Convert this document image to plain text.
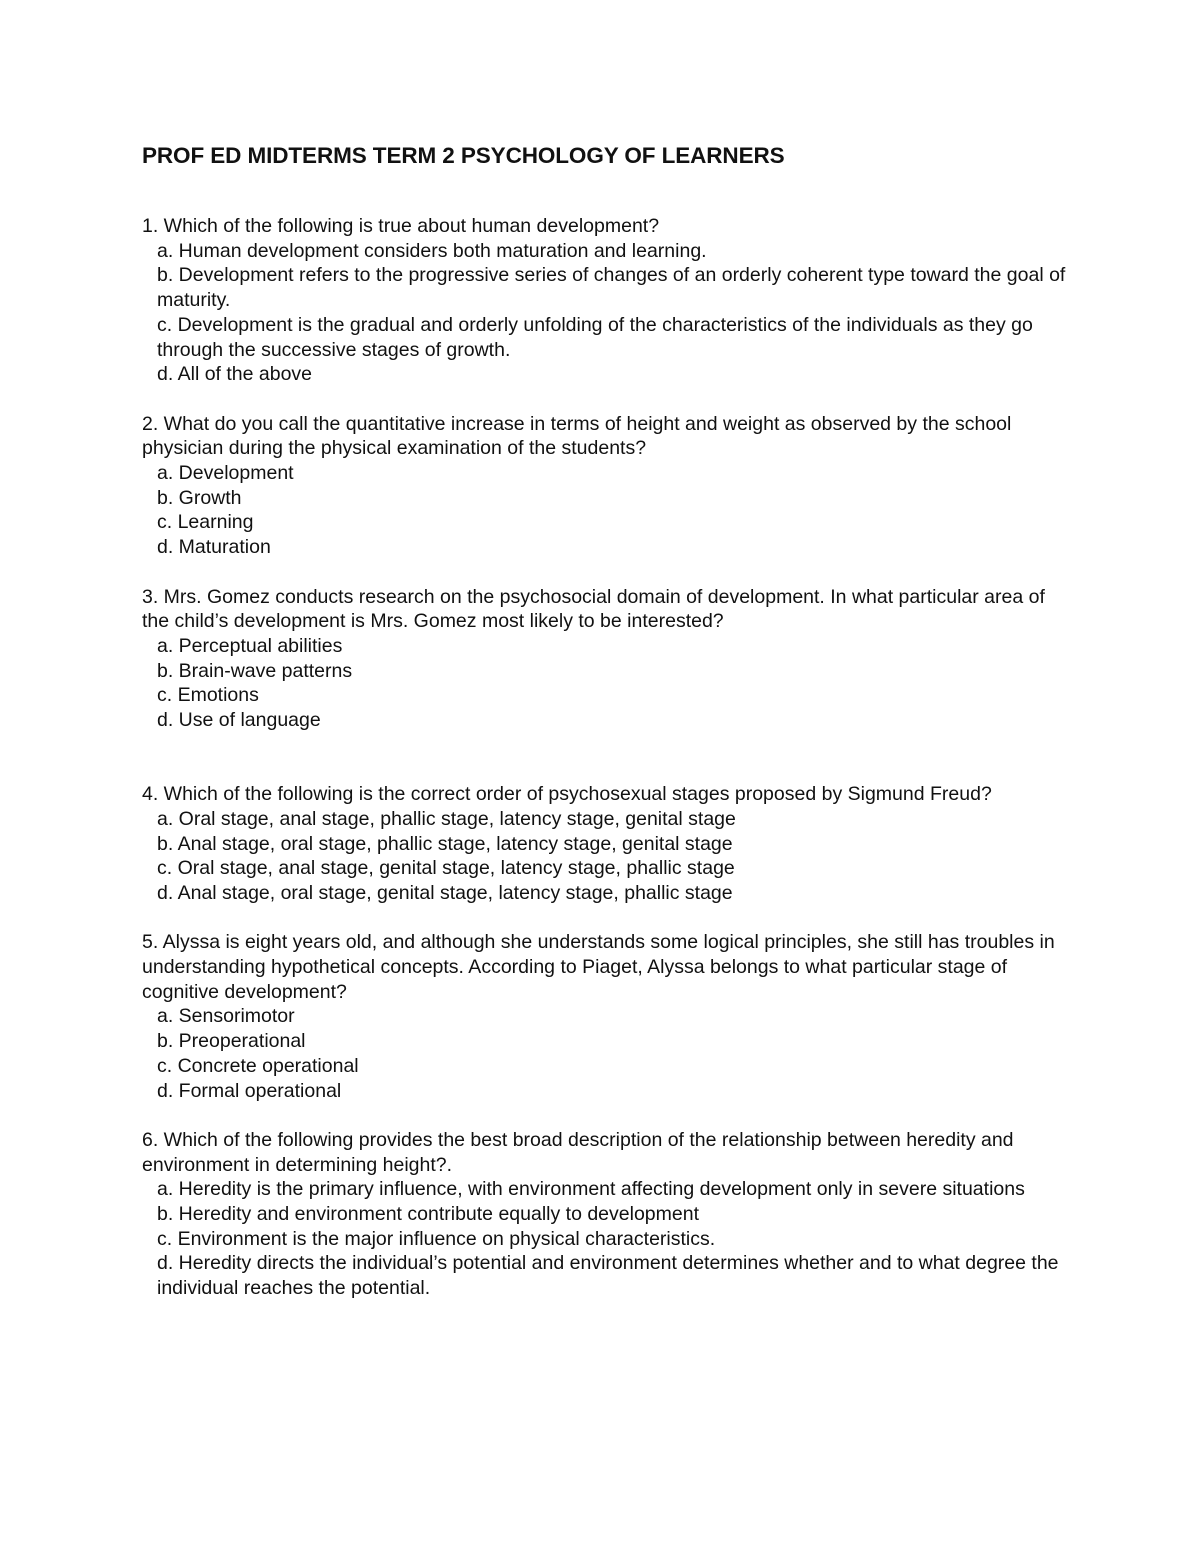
PROF ED MIDTERMS TERM 2 PSYCHOLOGY OF LEARNERS

1. Which of the following is true about human development?

a. Human development considers both maturation and learning.
b. Development refers to the progressive series of changes of an orderly coherent type toward the goal of maturity.
c. Development is the gradual and orderly unfolding of the characteristics of the individuals as they go through the successive stages of growth.
d. All of the above

2. What do you call the quantitative increase in terms of height and weight as observed by the school physician during the physical examination of the students?

a. Development
b. Growth
c. Learning
d. Maturation

3. Mrs. Gomez conducts research on the psychosocial domain of development. In what particular area of the child’s development is Mrs. Gomez most likely to be interested?

a. Perceptual abilities
b. Brain-wave patterns
c. Emotions
d. Use of language

4. Which of the following is the correct order of psychosexual stages proposed by Sigmund Freud?

a. Oral stage, anal stage, phallic stage, latency stage, genital stage
b. Anal stage, oral stage, phallic stage, latency stage, genital stage
c. Oral stage, anal stage, genital stage, latency stage, phallic stage
d. Anal stage, oral stage, genital stage, latency stage, phallic stage

5. Alyssa is eight years old, and although she understands some logical principles, she still has troubles in understanding hypothetical concepts. According to Piaget, Alyssa belongs to what particular stage of cognitive development?

a. Sensorimotor
b. Preoperational
c. Concrete operational
d. Formal operational

6. Which of the following provides the best broad description of the relationship between heredity and environment in determining height?.

a. Heredity is the primary influence, with environment affecting development only in severe situations
b. Heredity and environment contribute equally to development
c. Environment is the major influence on physical characteristics.
d. Heredity directs the individual’s potential and environment determines whether and to what degree the individual reaches the potential.
